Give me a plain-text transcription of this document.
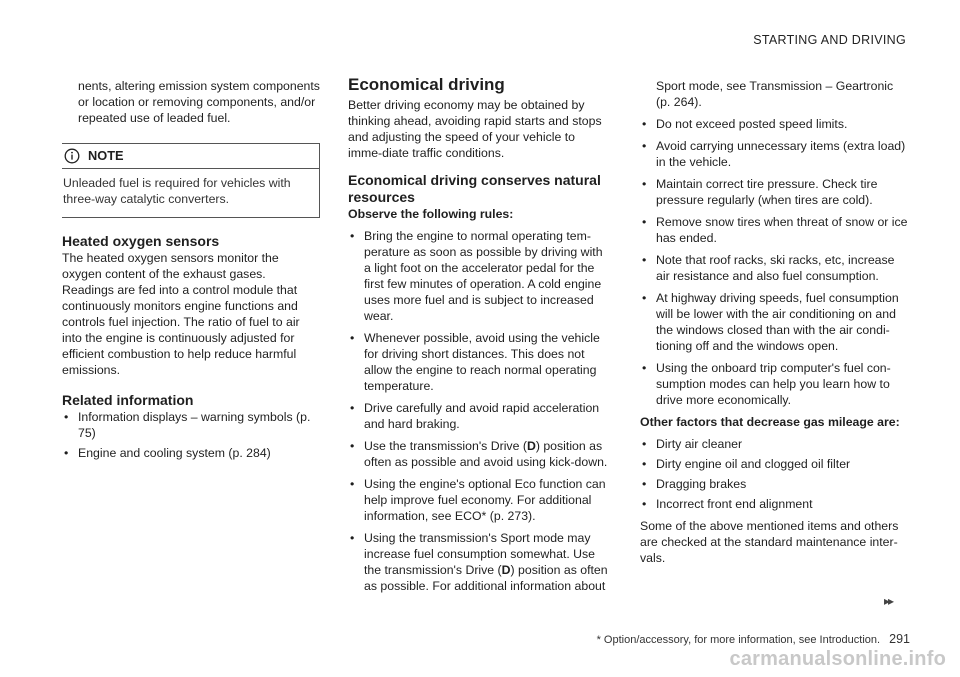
STARTING AND DRIVING

nents, altering emission system components or location or removing components, and/or repeated use of leaded fuel.

NOTE

Unleaded fuel is required for vehicles with three-way catalytic converters.

Heated oxygen sensors

The heated oxygen sensors monitor the oxygen content of the exhaust gases. Readings are fed into a control module that continuously monitors engine functions and controls fuel injection. The ratio of fuel to air into the engine is continuously adjusted for efficient combustion to help reduce harmful emissions.

Related information
• Information displays – warning symbols (p. 75)
• Engine and cooling system (p. 284)
Economical driving

Better driving economy may be obtained by thinking ahead, avoiding rapid starts and stops and adjusting the speed of your vehicle to imme-diate traffic conditions.

Economical driving conserves natural resources

Observe the following rules:

• Bring the engine to normal operating tem-perature as soon as possible by driving with a light foot on the accelerator pedal for the first few minutes of operation. A cold engine uses more fuel and is subject to increased wear.
• Whenever possible, avoid using the vehicle for driving short distances. This does not allow the engine to reach normal operating temperature.
• Drive carefully and avoid rapid acceleration and hard braking.
• Use the transmission's Drive (D) position as often as possible and avoid using kick-down.
• Using the engine's optional Eco function can help improve fuel economy. For additional information, see ECO* (p. 273).
• Using the transmission's Sport mode may increase fuel consumption somewhat. Use the transmission's Drive (D) position as often as possible. For additional information about

Sport mode, see Transmission – Geartronic (p. 264).

• Do not exceed posted speed limits.
• Avoid carrying unnecessary items (extra load) in the vehicle.
• Maintain correct tire pressure. Check tire pressure regularly (when tires are cold).
• Remove snow tires when threat of snow or ice has ended.
• Note that roof racks, ski racks, etc, increase air resistance and also fuel consumption.
• At highway driving speeds, fuel consumption will be lower with the air conditioning on and the windows closed than with the air condi-tioning off and the windows open.
• Using the onboard trip computer's fuel con-sumption modes can help you learn how to drive more economically.

Other factors that decrease gas mileage are:

• Dirty air cleaner
• Dirty engine oil and clogged oil filter
• Dragging brakes
• Incorrect front end alignment

Some of the above mentioned items and others are checked at the standard maintenance inter-vals.

▸▸
* Option/accessory, for more information, see Introduction. 291
carmanualsonline.info
